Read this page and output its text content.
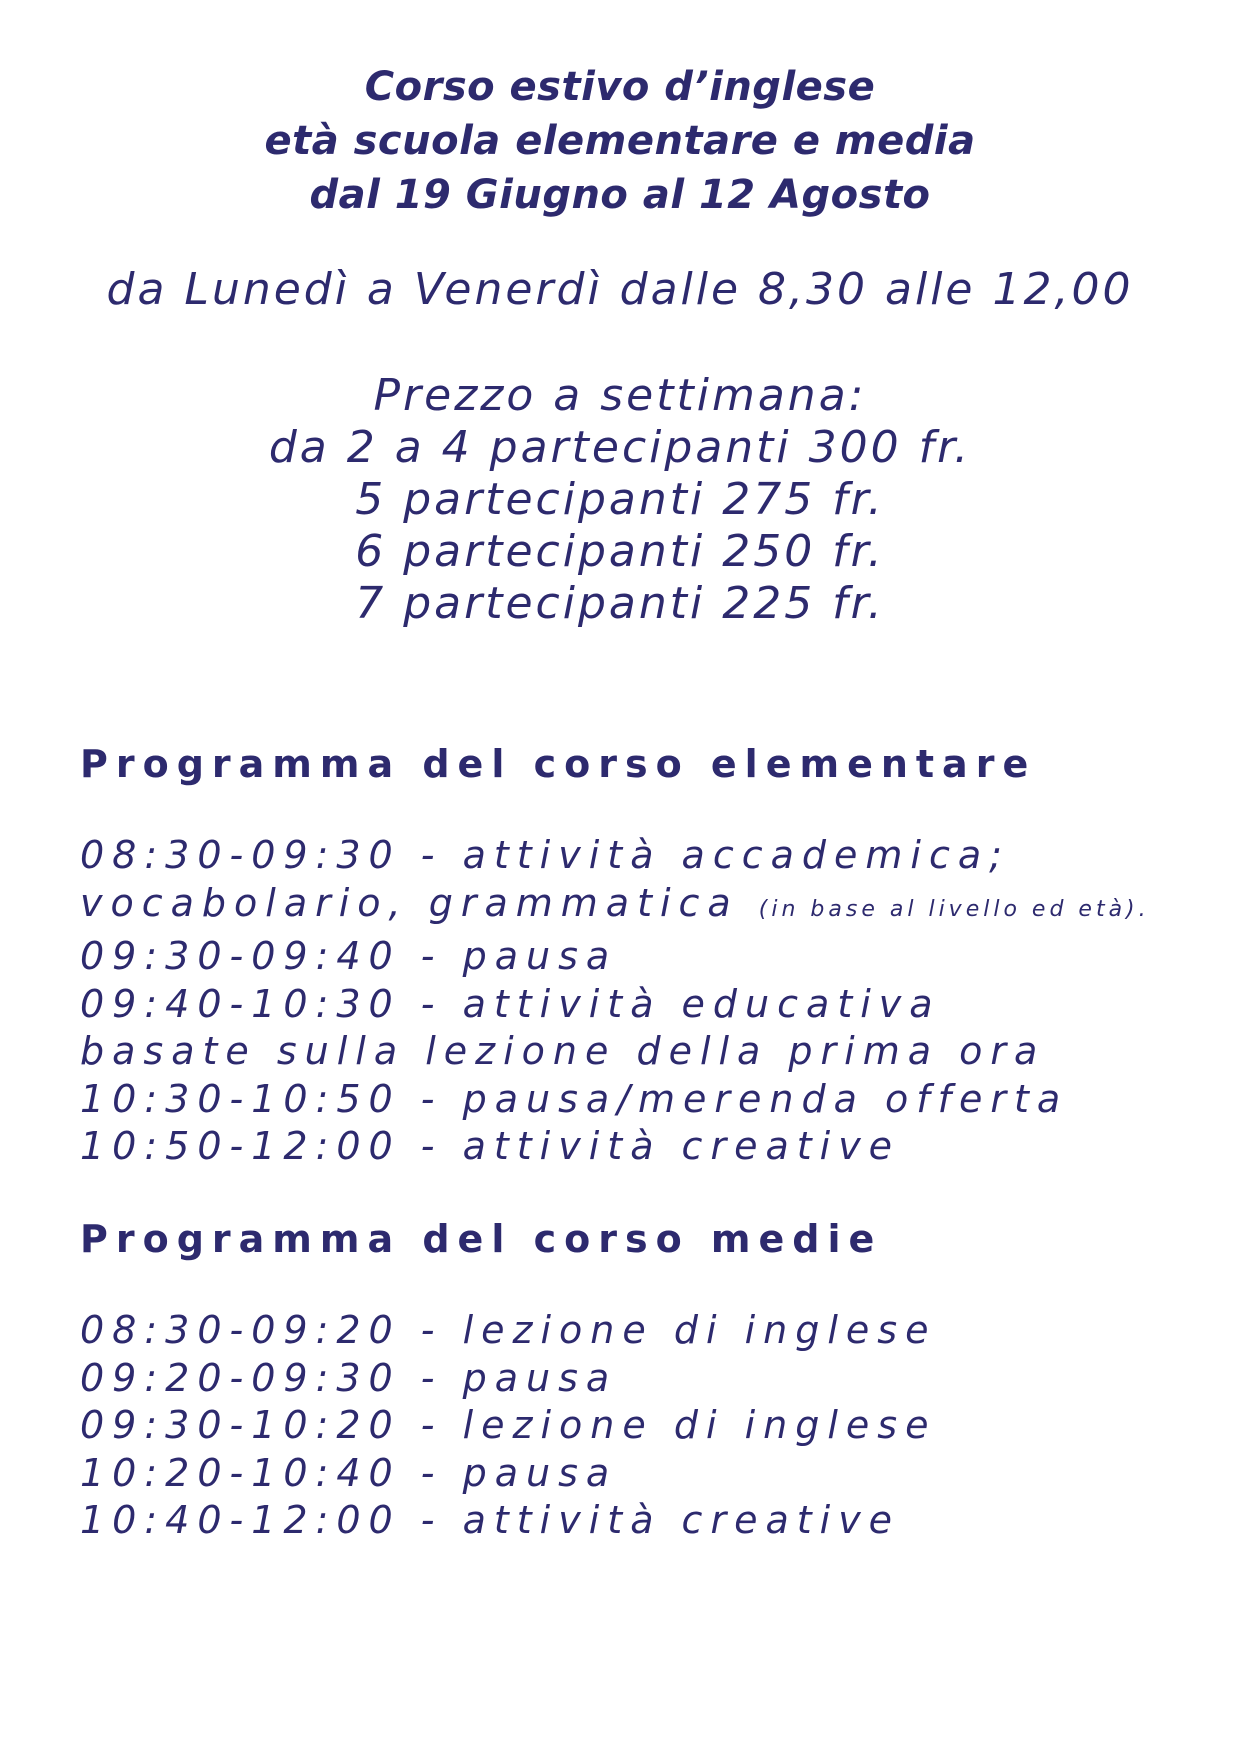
Corso estivo d’inglese
età scuola elementare e media
dal 19 Giugno al 12 Agosto
da Lunedì a Venerdì dalle 8,30 alle 12,00
Prezzo a settimana:
da 2 a 4 partecipanti 300 fr.
5 partecipanti 275 fr.
6 partecipanti 250 fr.
7 partecipanti 225 fr.
Programma del corso elementare
08:30-09:30 - attività accademica;
vocabolario, grammatica (in base al livello ed età).
09:30-09:40 - pausa
09:40-10:30 - attività educativa
basate sulla lezione della prima ora
10:30-10:50 - pausa/merenda offerta
10:50-12:00 - attività creative
Programma del corso medie
08:30-09:20 - lezione di inglese
09:20-09:30 - pausa
09:30-10:20 - lezione di inglese
10:20-10:40 - pausa
10:40-12:00 - attività creative
